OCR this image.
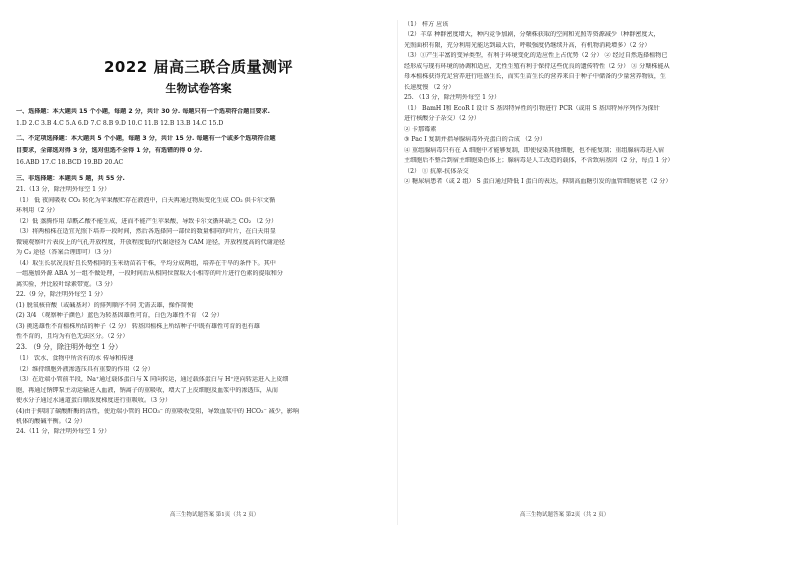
2022 届高三联合质量测评
生物试卷答案

一、选择题：本大题共 15 个小题，每题 2 分，共计 30 分. 每题只有一个选项符合题目要求.

1.D 2.C 3.B 4.C 5.A 6.D 7.C 8.B 9.D 10.C 11.B 12.B 13.B 14.C 15.D

二、不定项选择题：本大题共 5 个小题，每题 3 分，共计 15 分. 每题有一个或多个选项符合题

目要求，全部选对得 3 分，选对但选不全得 1 分，有选错的得 0 分.

16.ABD 17.C 18.BCD 19.BD 20.AC

三、非选择题：本题共 5 题，共 55 分.

21.（13 分，除注明外每空 1 分）

（1） 低 夜间吸收 CO₂ 转化为苹果酸贮存在液泡中，白天再通过物质变化生成 CO₂ 供卡尔文循

环利用（2 分）

（2）低 蒸腾作用 草酰乙酸不能生成，进而不能产生苹果酸，导致卡尔文循环缺乏 CO₂ （2 分）

（3）将两植株在适宜光照下培养一段时间，然后各选择同一部位的数量相同的叶片，在白天用显

微镜观察叶片表皮上的气孔开放程度，开放程度低的代谢途径为 CAM 途径，开放程度高的代谢途径

为 C₃ 途径（答案合理即可）（3 分）

（4）取生长状况良好且长势相同的玉米幼苗若干株，平均分成两组，培养在干旱的条件下。其中

一组施加外源 ABA 另一组不做处理，一段时间后从相同位置取大小相等的叶片进行色素的提取和分

离实验，并比较叶绿素带宽。（3 分）

22.（9 分，除注明外每空 1 分）

(1) 脱氧核苷酸（或碱基对）的排列顺序不同 无需去雄，操作简便

(2) 3/4 （观察种子颜色）蓝色为转基因雄性可育，白色为雄性不育 （2 分）

(3) 挑选雄性不育植株所结的种子（2 分） 转基因植株上所结种子中既有雄性可育的也有雄

性不育的，且均为有色无法区分。（2 分）

23. （9 分，除注明外每空 1 分）

（1） 饮水、食物中所含有的水 传导和传递

（2）维持细胞外液渗透压具有重要的作用（2 分）

（3）在近端小管前半段，Na⁺通过载体蛋白与 X 同向转运，通过载体蛋白与 H⁺逆向转运进入上皮细

胞，再通过钠钾泵主动运输进入血液，钠离子的重吸收，增大了上皮细胞及血浆中的渗透压，从而

使水分子通过水通道蛋白顺浓度梯度进行重吸收。（3 分）

(4)由于抑制了碳酸酐酶的活性，使近端小管的 HCO₃⁻ 的重吸收受阻，导致血浆中的 HCO₃⁻ 减少，影响

机体的酸碱平衡。（2 分）

24.（11 分，除注明外每空 1 分）

（1） 样方 应该

（2）羊草 种群密度增大，种内竞争加剧，分蘖株获取的空间和光照等资源减少（种群密度大，

光照面积有限，充分利用光能达到最大后，呼吸强度仍继续升高，有机物消耗增多）（2 分）

（3）①产生丰富的变异类型，有利于环境变化的适应性上占优势（2 分） ② 经过自然选择植物已

经形成与现有环境的协调和适应，无性生殖有利于保持这些优良的遗传特性（2 分） ③ 分蘖株能从

母本植株获得充足营养进行旺盛生长，而实生苗生长的营养来自于种子中储备的少量营养物质，生

长速度慢 （2 分）

25. （13 分，除注明外每空 1 分）

（1） BamH Ⅰ和 EcoR Ⅰ 设计 S 基因特异性的引物进行 PCR（或用 S 基因特异序列作为探针

进行核酸分子杂交）（2 分）

② 卡那霉素

③ Pac Ⅰ 复制并指导腺病毒外壳蛋白的合成 （2 分）

④ 重组腺病毒只有在 A 细胞中才能够复制，即使侵染其他细胞，也不能复制；重组腺病毒进入宿

主细胞后不整合到宿主细胞染色体上；腺病毒是人工改造的载体，不含致病基因（2 分，每点 1 分）

（2） ① 抗原-抗体杂交

② 糖尿病患者（或 2 组） S 蛋白通过降低 Ⅰ 蛋白的表达，抑制高血糖引发的血管细胞衰老（2 分）

高三生物试题答案 第1页（共 2 页）	高三生物试题答案 第2页（共 2 页）
